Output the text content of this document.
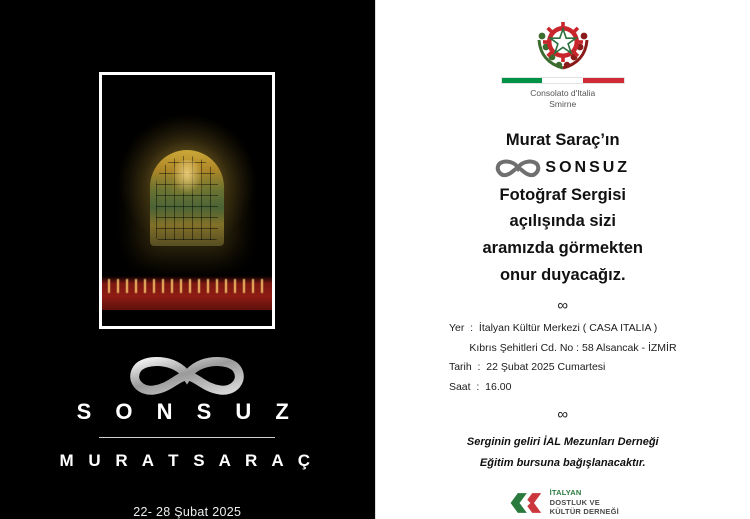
S O N S U Z
M U R A T S A R A Ç
22- 28 Şubat 2025
Consolato d'Italia
Smirne
Murat Saraç’ın
SONSUZ
Fotoğraf Sergisi
açılışında sizi
aramızda görmekten
onur duyacağız.
∞
Yer  :  İtalyan Kültür Merkezi ( CASA ITALIA )
Kıbrıs Şehitleri Cd. No : 58 Alsancak - İZMİR
Tarih  :  22 Şubat 2025 Cumartesi
Saat  :  16.00
∞
Serginin geliri İAL Mezunları Derneği
Eğitim bursuna bağışlanacaktır.
İTALYAN
DOSTLUK VE
KÜLTÜR DERNEĞİ
